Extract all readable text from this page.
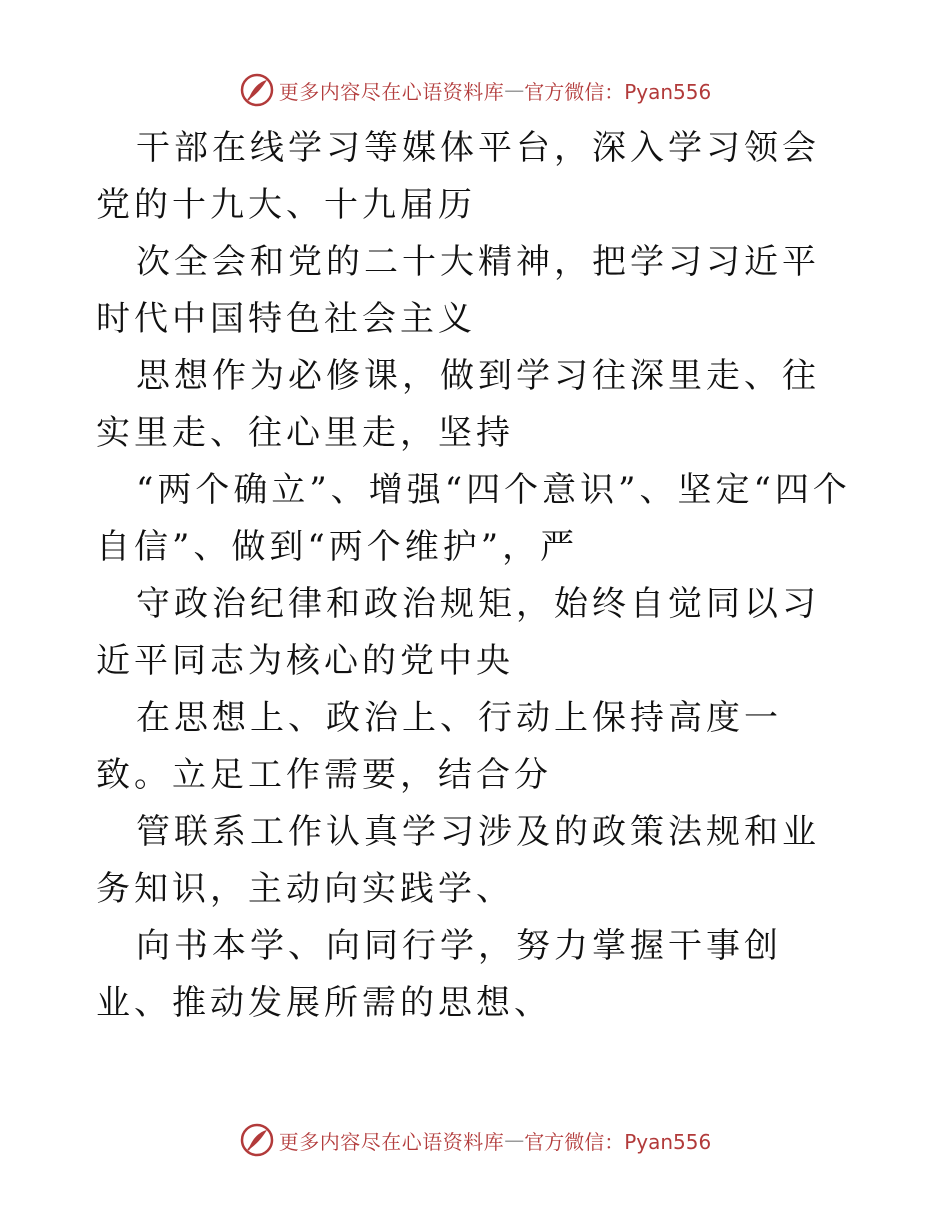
更多内容尽在心语资料库 — 官方微信：Pyan556

干部在线学习等媒体平台，深入学习领会党的十九大、十九届历

次全会和党的二十大精神，把学习习近平时代中国特色社会主义

思想作为必修课，做到学习往深里走、往实里走、往心里走，坚持

“两个确立”、增强“四个意识”、坚定“四个自信”、做到“两个维护”，严

守政治纪律和政治规矩，始终自觉同以习近平同志为核心的党中央

在思想上、政治上、行动上保持高度一致。立足工作需要，结合分

管联系工作认真学习涉及的政策法规和业务知识，主动向实践学、

向书本学、向同行学，努力掌握干事创业、推动发展所需的思想、

更多内容尽在心语资料库 — 官方微信：Pyan556
